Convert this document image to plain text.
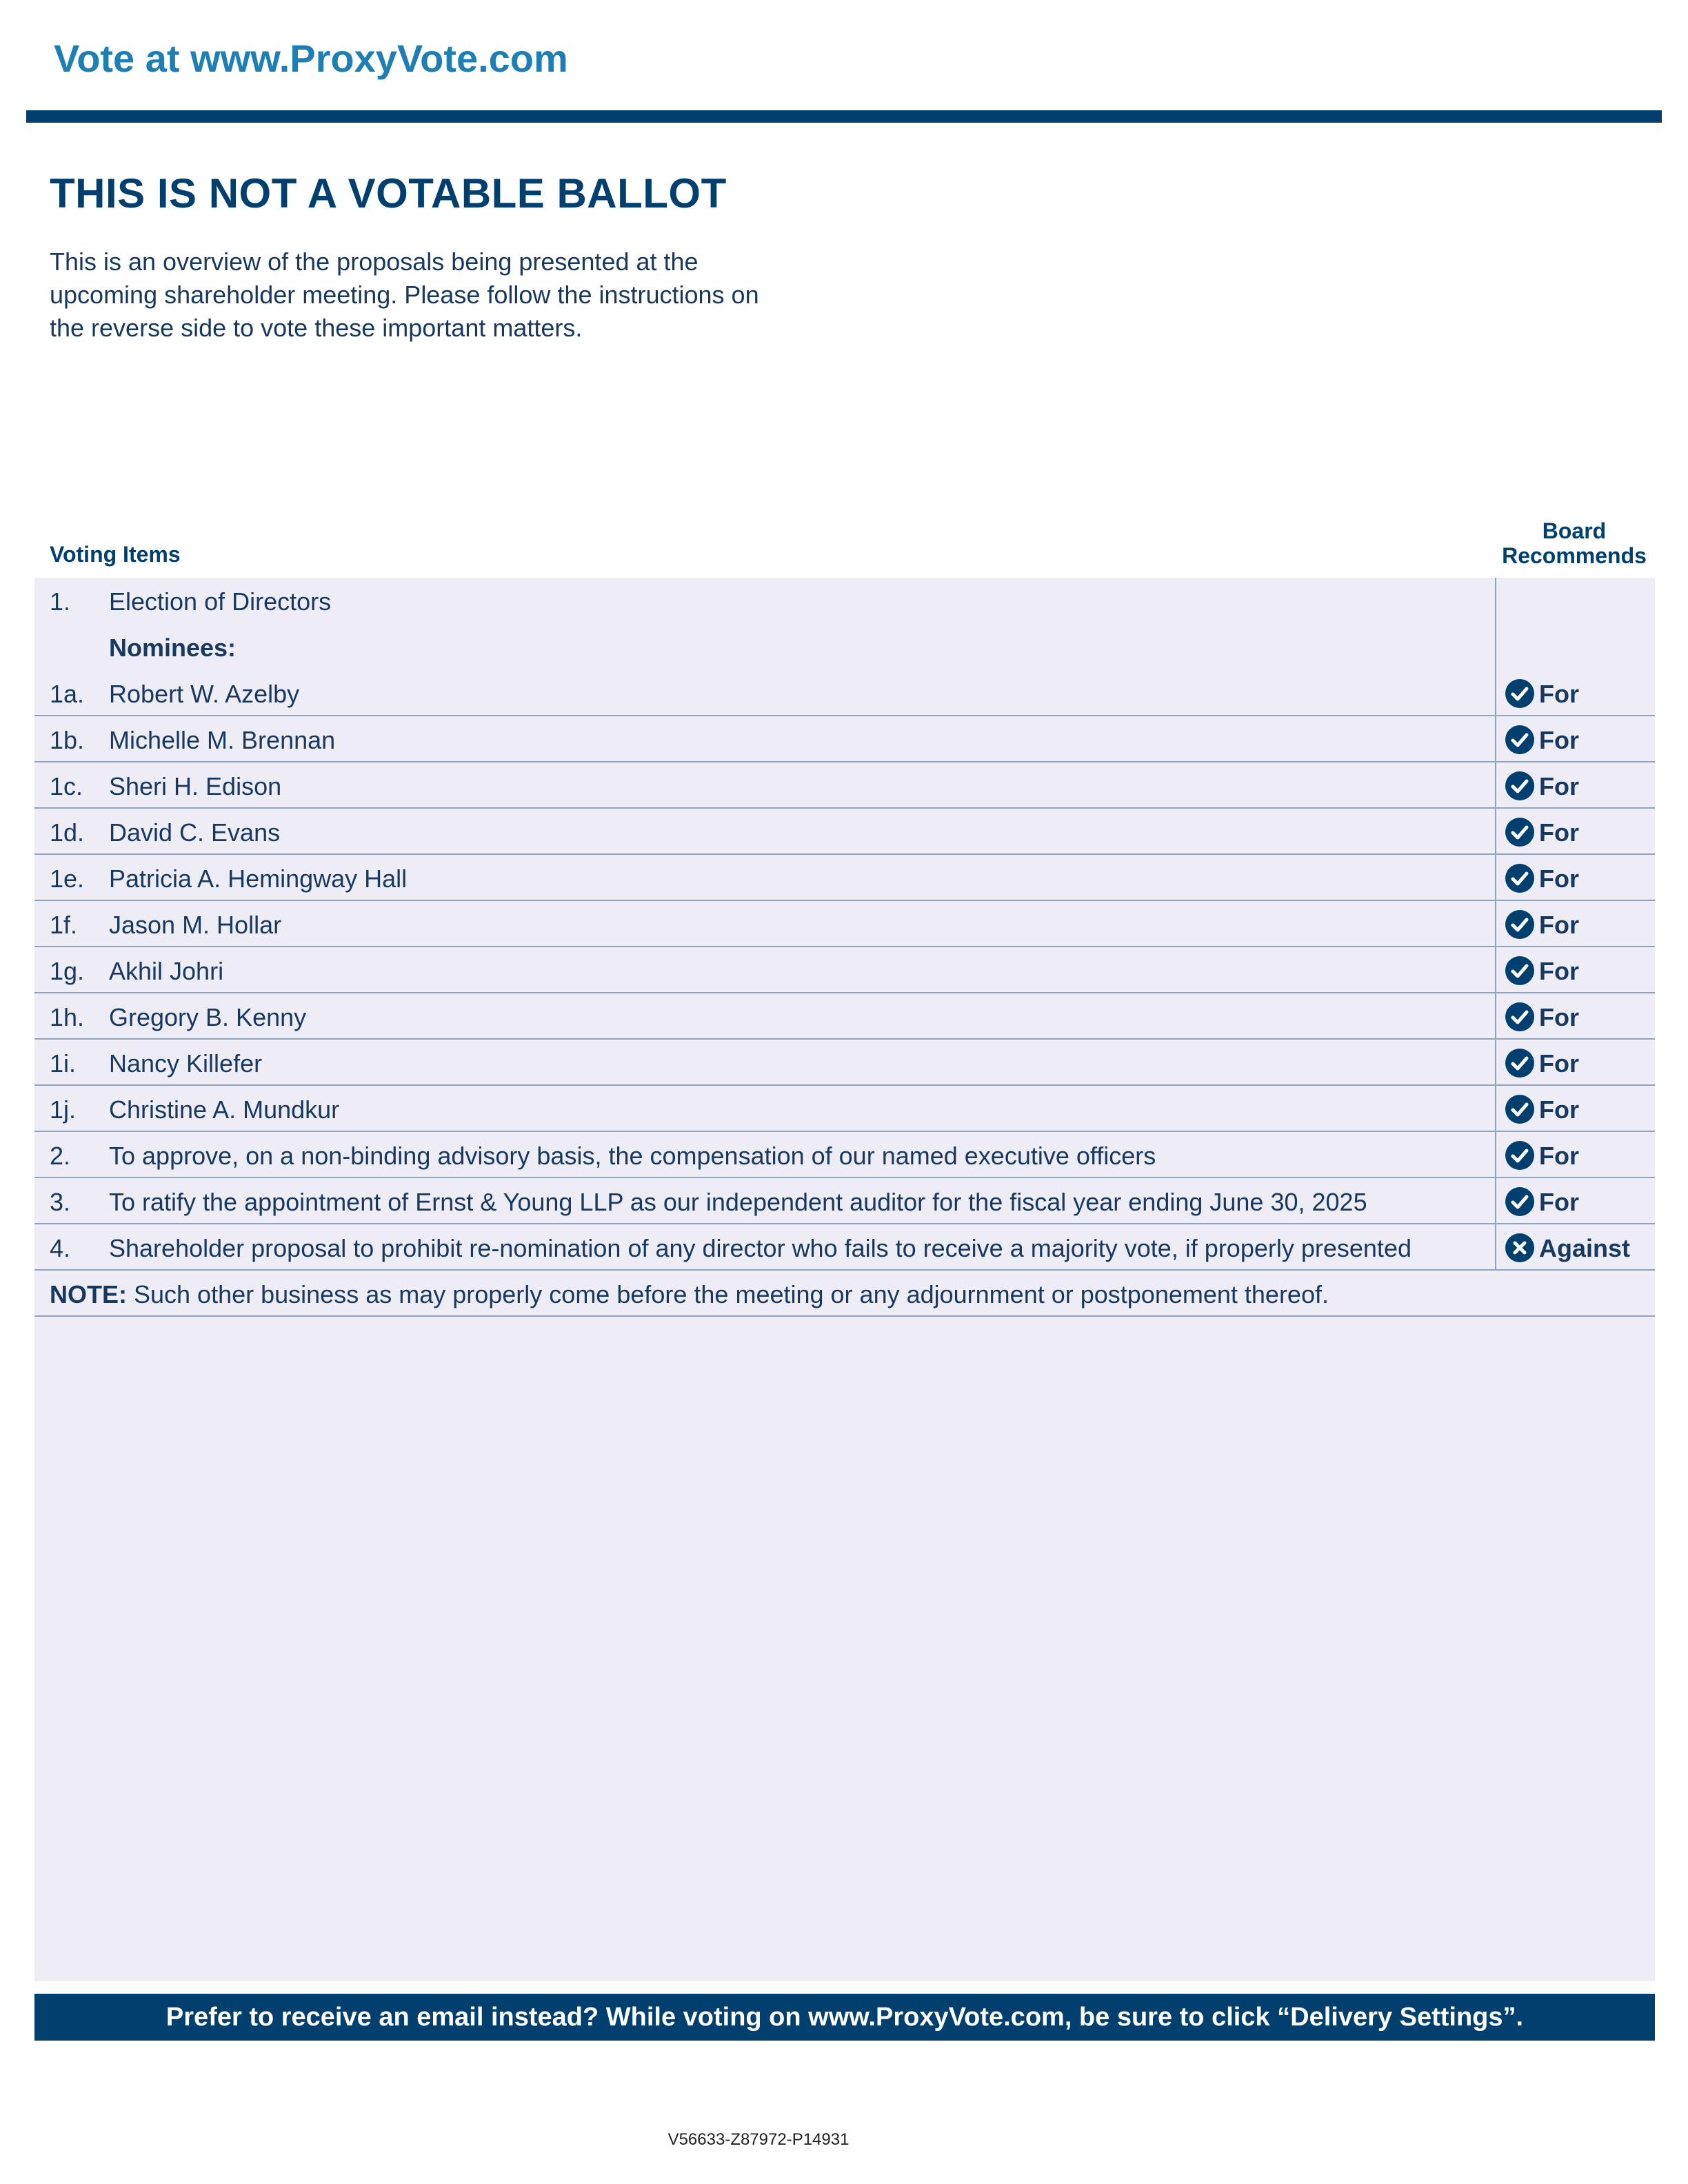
Vote at www.ProxyVote.com
THIS IS NOT A VOTABLE BALLOT
This is an overview of the proposals being presented at the
upcoming shareholder meeting. Please follow the instructions on
the reverse side to vote these important matters.
Voting Items
Board
Recommends
1. Election of Directors
Nominees:
1a. Robert W. Azelby	For
1b. Michelle M. Brennan	For
1c. Sheri H. Edison	For
1d. David C. Evans	For
1e. Patricia A. Hemingway Hall	For
1f. Jason M. Hollar	For
1g. Akhil Johri	For
1h. Gregory B. Kenny	For
1i. Nancy Killefer	For
1j. Christine A. Mundkur	For
2. To approve, on a non-binding advisory basis, the compensation of our named executive officers	For
3. To ratify the appointment of Ernst & Young LLP as our independent auditor for the fiscal year ending June 30, 2025	For
4. Shareholder proposal to prohibit re-nomination of any director who fails to receive a majority vote, if properly presented	Against
NOTE: Such other business as may properly come before the meeting or any adjournment or postponement thereof.
Prefer to receive an email instead? While voting on www.ProxyVote.com, be sure to click “Delivery Settings”.
V56633-Z87972-P14931
